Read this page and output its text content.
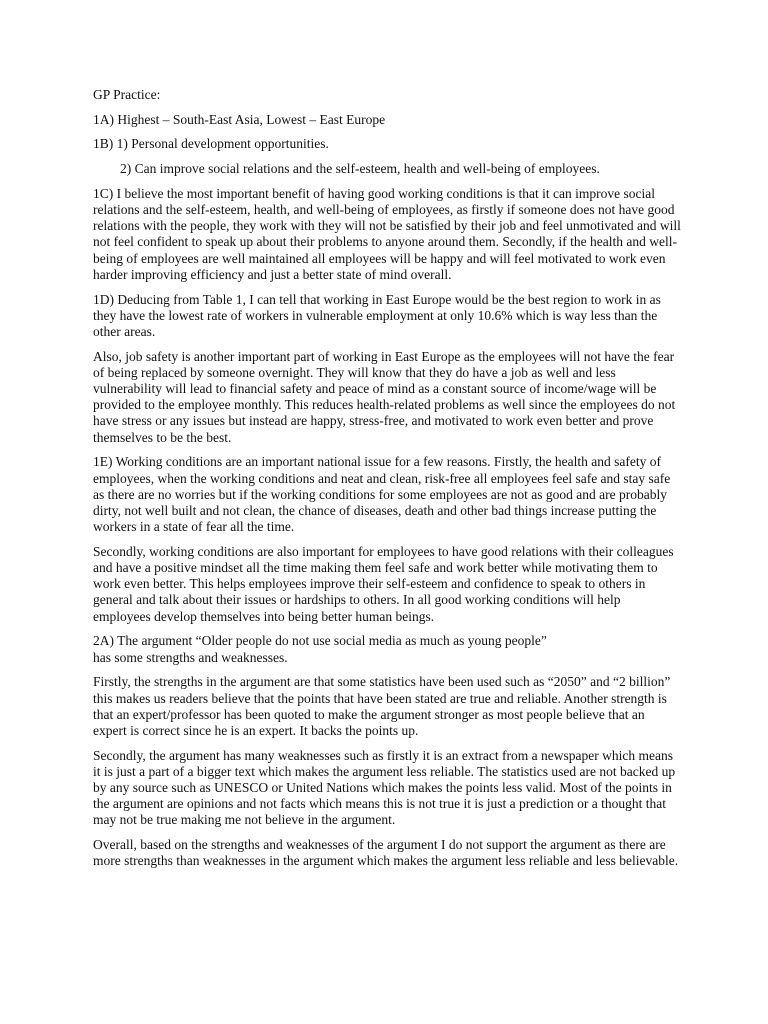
GP Practice:

1A) Highest – South-East Asia, Lowest – East Europe

1B) 1) Personal development opportunities.

2) Can improve social relations and the self-esteem, health and well-being of employees.

1C) I believe the most important benefit of having good working conditions is that it can improve social relations and the self-esteem, health, and well-being of employees, as firstly if someone does not have good relations with the people, they work with they will not be satisfied by their job and feel unmotivated and will not feel confident to speak up about their problems to anyone around them. Secondly, if the health and well-being of employees are well maintained all employees will be happy and will feel motivated to work even harder improving efficiency and just a better state of mind overall.

1D) Deducing from Table 1, I can tell that working in East Europe would be the best region to work in as they have the lowest rate of workers in vulnerable employment at only 10.6% which is way less than the other areas.

Also, job safety is another important part of working in East Europe as the employees will not have the fear of being replaced by someone overnight. They will know that they do have a job as well and less vulnerability will lead to financial safety and peace of mind as a constant source of income/wage will be provided to the employee monthly. This reduces health-related problems as well since the employees do not have stress or any issues but instead are happy, stress-free, and motivated to work even better and prove themselves to be the best.

1E) Working conditions are an important national issue for a few reasons. Firstly, the health and safety of employees, when the working conditions and neat and clean, risk-free all employees feel safe and stay safe as there are no worries but if the working conditions for some employees are not as good and are probably dirty, not well built and not clean, the chance of diseases, death and other bad things increase putting the workers in a state of fear all the time.

Secondly, working conditions are also important for employees to have good relations with their colleagues and have a positive mindset all the time making them feel safe and work better while motivating them to work even better. This helps employees improve their self-esteem and confidence to speak to others in general and talk about their issues or hardships to others. In all good working conditions will help employees develop themselves into being better human beings.

2A) The argument “Older people do not use social media as much as young people”
has some strengths and weaknesses.

Firstly, the strengths in the argument are that some statistics have been used such as “2050” and “2 billion” this makes us readers believe that the points that have been stated are true and reliable. Another strength is that an expert/professor has been quoted to make the argument stronger as most people believe that an expert is correct since he is an expert. It backs the points up.

Secondly, the argument has many weaknesses such as firstly it is an extract from a newspaper which means it is just a part of a bigger text which makes the argument less reliable. The statistics used are not backed up by any source such as UNESCO or United Nations which makes the points less valid. Most of the points in the argument are opinions and not facts which means this is not true it is just a prediction or a thought that may not be true making me not believe in the argument.

Overall, based on the strengths and weaknesses of the argument I do not support the argument as there are more strengths than weaknesses in the argument which makes the argument less reliable and less believable.
